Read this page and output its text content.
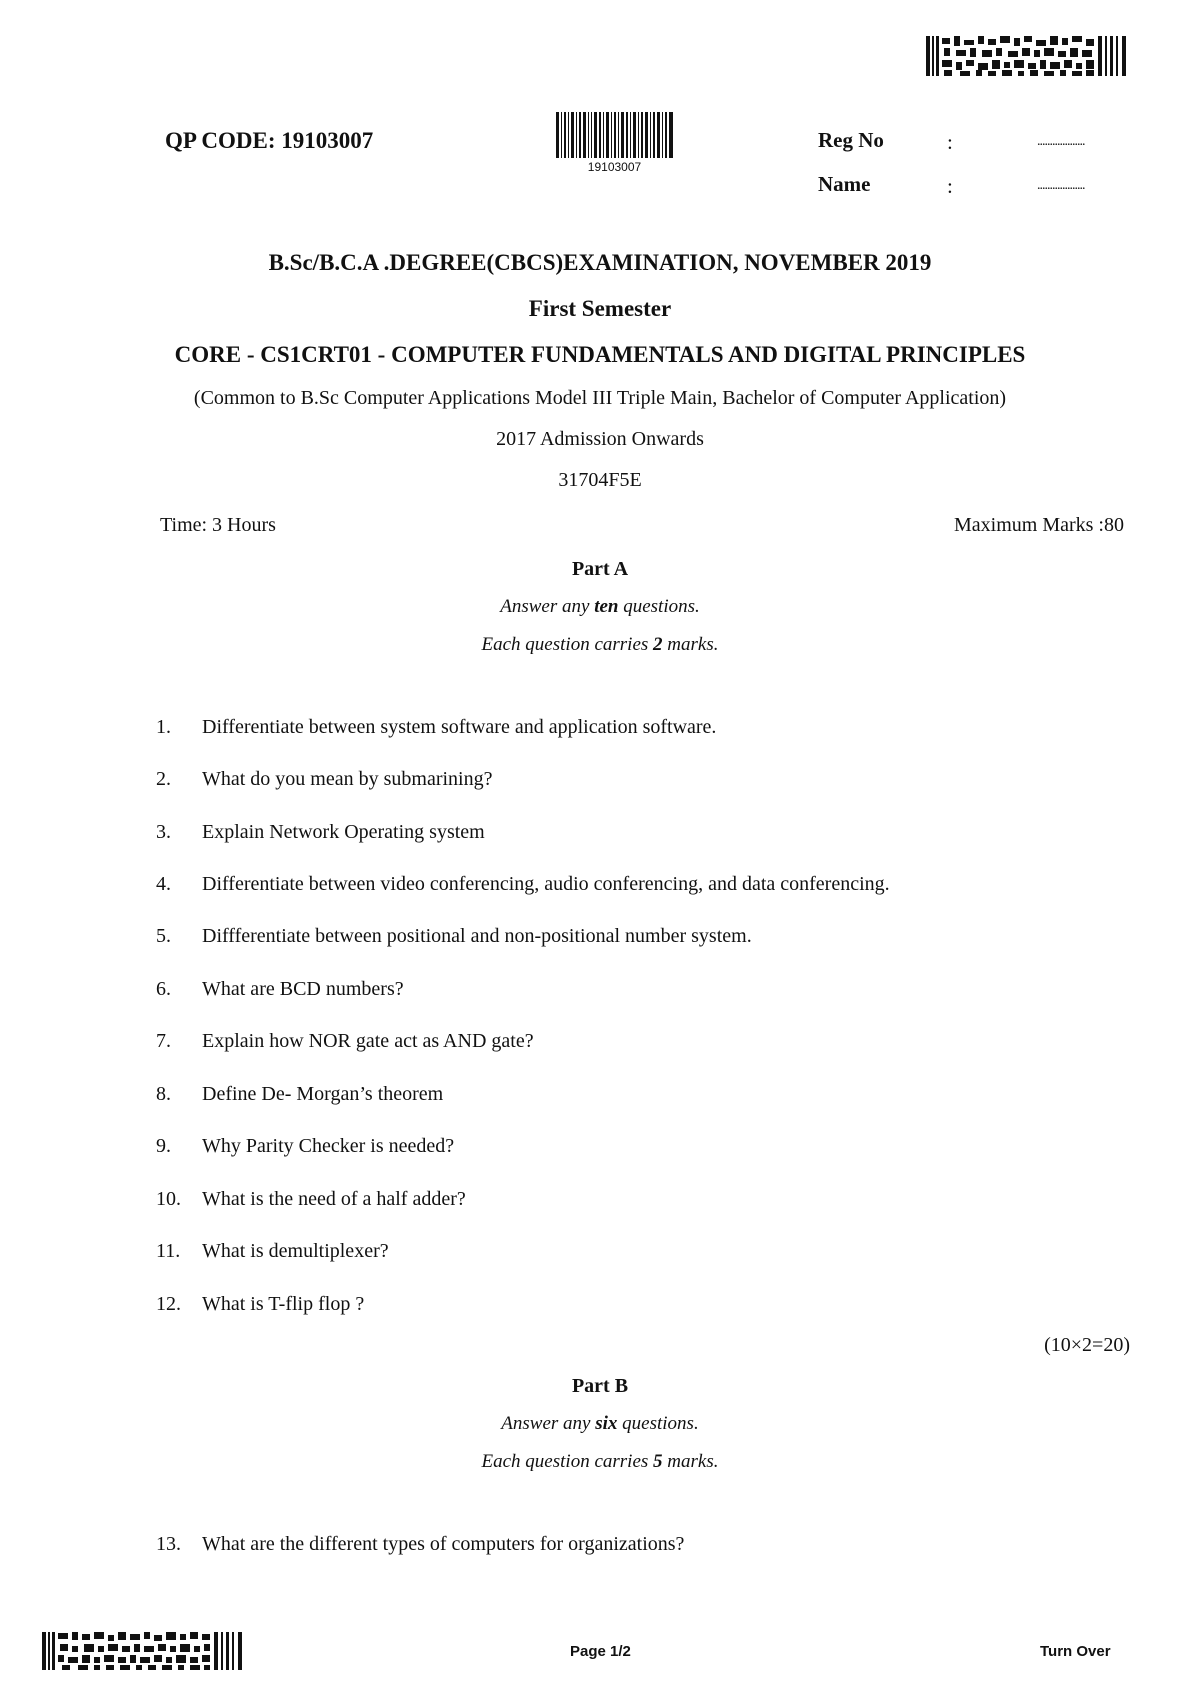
QP CODE: 19103007
19103007
Reg No	:	...................
Name	:	...................
B.Sc/B.C.A .DEGREE(CBCS)EXAMINATION, NOVEMBER 2019
First Semester
CORE - CS1CRT01 - COMPUTER FUNDAMENTALS AND DIGITAL PRINCIPLES
(Common to B.Sc Computer Applications Model III Triple Main, Bachelor of Computer Application)
2017 Admission Onwards
31704F5E
Time: 3 Hours	Maximum Marks :80
Part A
Answer any ten questions.
Each question carries 2 marks.
1. Differentiate between system software and application software.
2. What do you mean by submarining?
3. Explain Network Operating system
4. Differentiate between video conferencing, audio conferencing, and data conferencing.
5. Diffferentiate between positional and non-positional number system.
6. What are BCD numbers?
7. Explain how NOR gate act as AND gate?
8. Define De- Morgan’s theorem
9. Why Parity Checker is needed?
10. What is the need of a half adder?
11. What is demultiplexer?
12. What is T-flip flop ?
(10×2=20)
Part B
Answer any six questions.
Each question carries 5 marks.
13. What are the different types of computers for organizations?
Page 1/2	Turn Over
